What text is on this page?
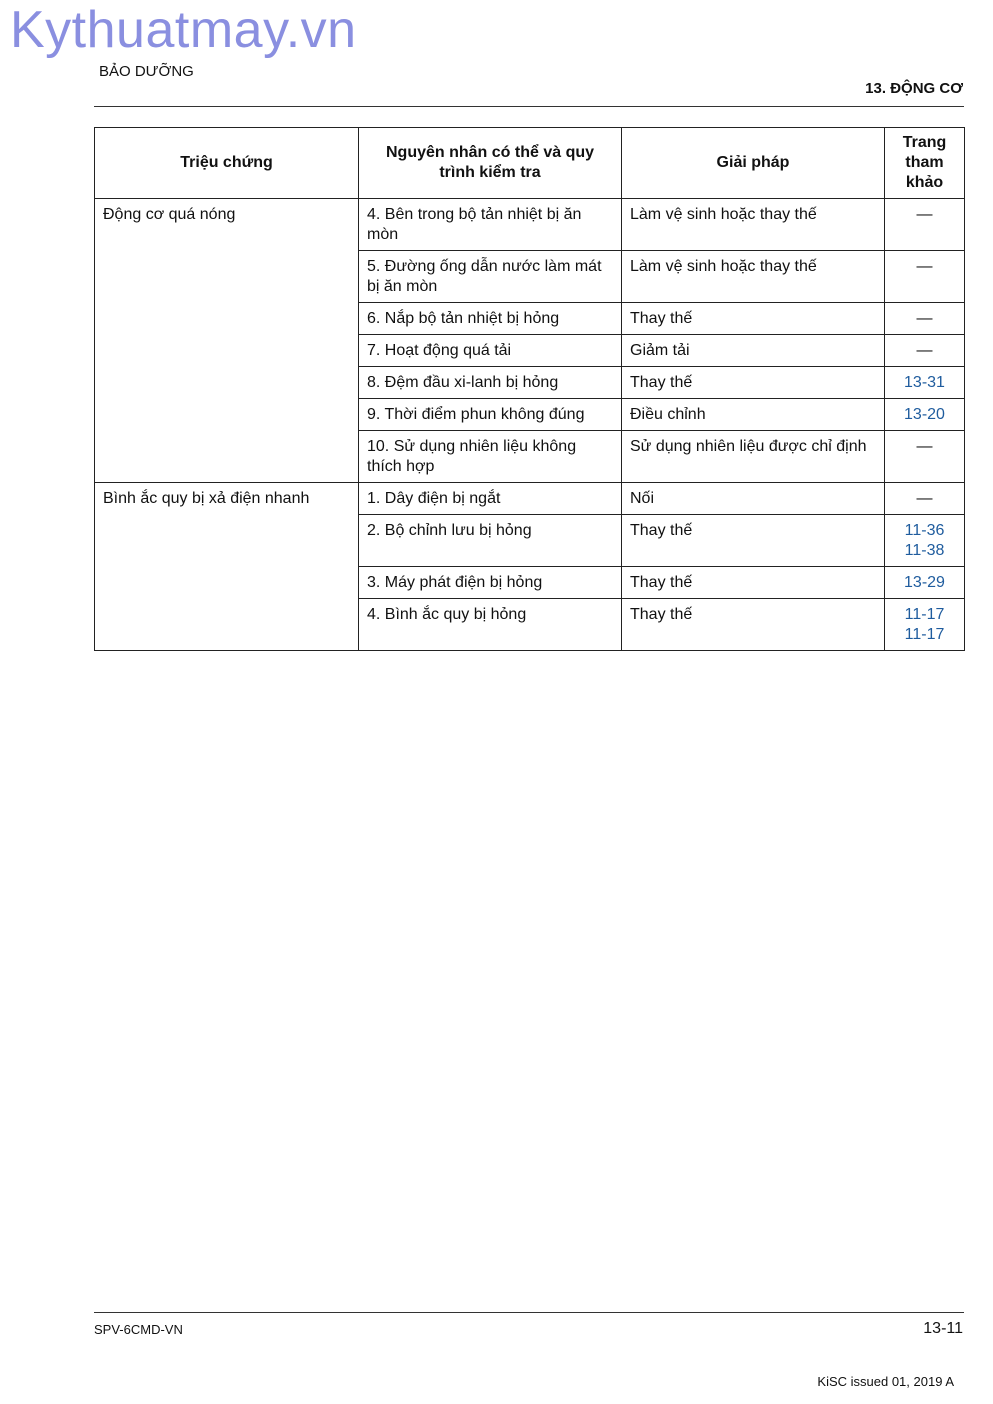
Kythuatmay.vn
BẢO DƯỠNG
13. ĐỘNG CƠ
Triệu chứng	Nguyên nhân có thể và quy trình kiểm tra	Giải pháp	Trang tham khảo
Động cơ quá nóng	4. Bên trong bộ tản nhiệt bị ăn mòn	Làm vệ sinh hoặc thay thế	—

	5. Đường ống dẫn nước làm mát bị ăn mòn	Làm vệ sinh hoặc thay thế	—

	6. Nắp bộ tản nhiệt bị hỏng	Thay thế	—

	7. Hoạt động quá tải	Giảm tải	—

	8. Đệm đầu xi-lanh bị hỏng	Thay thế	13-31

	9. Thời điểm phun không đúng	Điều chỉnh	13-20

	10. Sử dụng nhiên liệu không thích hợp	Sử dụng nhiên liệu được chỉ định	—

Bình ắc quy bị xả điện nhanh	1. Dây điện bị ngắt	Nối	—

	2. Bộ chỉnh lưu bị hỏng	Thay thế	11-36
11-38

	3. Máy phát điện bị hỏng	Thay thế	13-29

	4. Bình ắc quy bị hỏng	Thay thế	11-17
11-17
SPV-6CMD-VN	13-11
KiSC issued 01, 2019 A
